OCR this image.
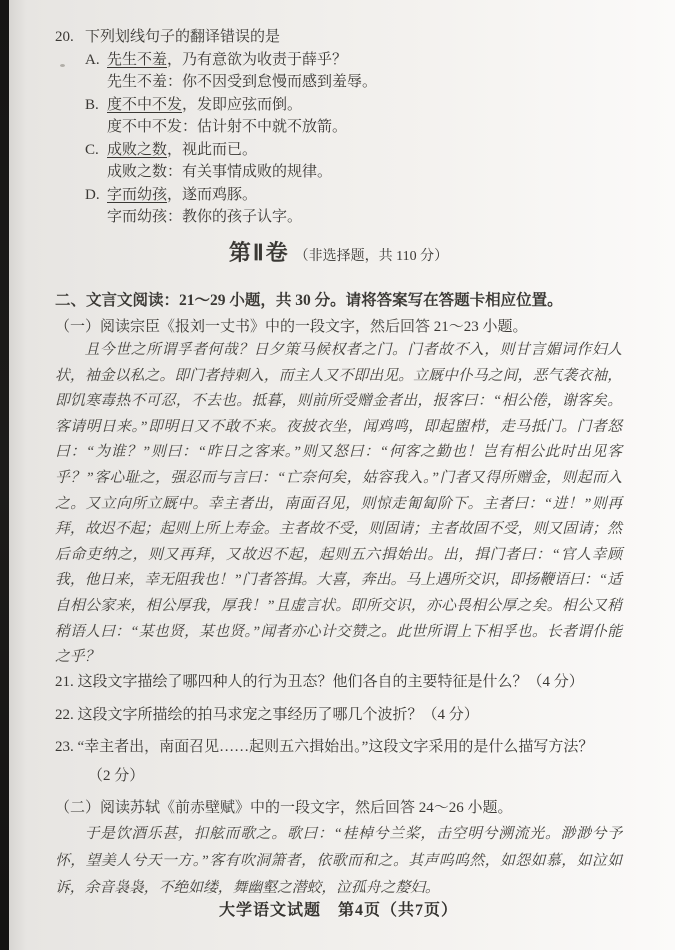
20. 下列划线句子的翻译错误的是
A. 先生不羞，乃有意欲为收责于薛乎？
先生不羞：你不因受到怠慢而感到羞辱。
B. 度不中不发，发即应弦而倒。
度不中不发：估计射不中就不放箭。
C. 成败之数，视此而已。
成败之数：有关事情成败的规律。
D. 字而幼孩，遂而鸡豚。
字而幼孩：教你的孩子认字。
第Ⅱ卷 （非选择题，共 110 分）
二、文言文阅读：21～29 小题，共 30 分。请将答案写在答题卡相应位置。
（一）阅读宗臣《报刘一丈书》中的一段文字，然后回答 21～23 小题。

且今世之所谓孚者何哉？日夕策马候权者之门。门者故不入，则甘言媚词作妇人状，袖金以私之。即门者持刺入，而主人又不即出见。立厩中仆马之间，恶气袭衣袖，即饥寒毒热不可忍，不去也。抵暮，则前所受赠金者出，报客曰：“相公倦，谢客矣。客请明日来。”即明日又不敢不来。夜披衣坐，闻鸡鸣，即起盥栉，走马抵门。门者怒曰：“为谁？”则曰：“昨日之客来。”则又怒曰：“何客之勤也！岂有相公此时出见客乎？”客心耻之，强忍而与言曰：“亡奈何矣，姑容我入。”门者又得所赠金，则起而入之。又立向所立厩中。幸主者出，南面召见，则惊走匍匐阶下。主者曰：“进！”则再拜，故迟不起；起则上所上寿金。主者故不受，则固请；主者故固不受，则又固请；然后命吏纳之，则又再拜，又故迟不起，起则五六揖始出。出，揖门者曰：“官人幸顾我，他日来，幸无阻我也！”门者答揖。大喜，奔出。马上遇所交识，即扬鞭语曰：“适自相公家来，相公厚我，厚我！”且虚言状。即所交识，亦心畏相公厚之矣。相公又稍稍语人曰：“某也贤，某也贤。”闻者亦心计交赞之。此世所谓上下相孚也。长者谓仆能之乎？

21. 这段文字描绘了哪四种人的行为丑态？他们各自的主要特征是什么？（4 分）
22. 这段文字所描绘的拍马求宠之事经历了哪几个波折？（4 分）
23. “幸主者出，南面召见……起则五六揖始出。”这段文字采用的是什么描写方法？
（2 分）
（二）阅读苏轼《前赤壁赋》中的一段文字，然后回答 24～26 小题。

于是饮酒乐甚，扣舷而歌之。歌曰：“桂棹兮兰桨，击空明兮溯流光。渺渺兮予怀，望美人兮天一方。”客有吹洞箫者，依歌而和之。其声呜呜然，如怨如慕，如泣如诉，余音袅袅，不绝如缕，舞幽壑之潜蛟，泣孤舟之嫠妇。

大学语文试题　第4页（共7页）
